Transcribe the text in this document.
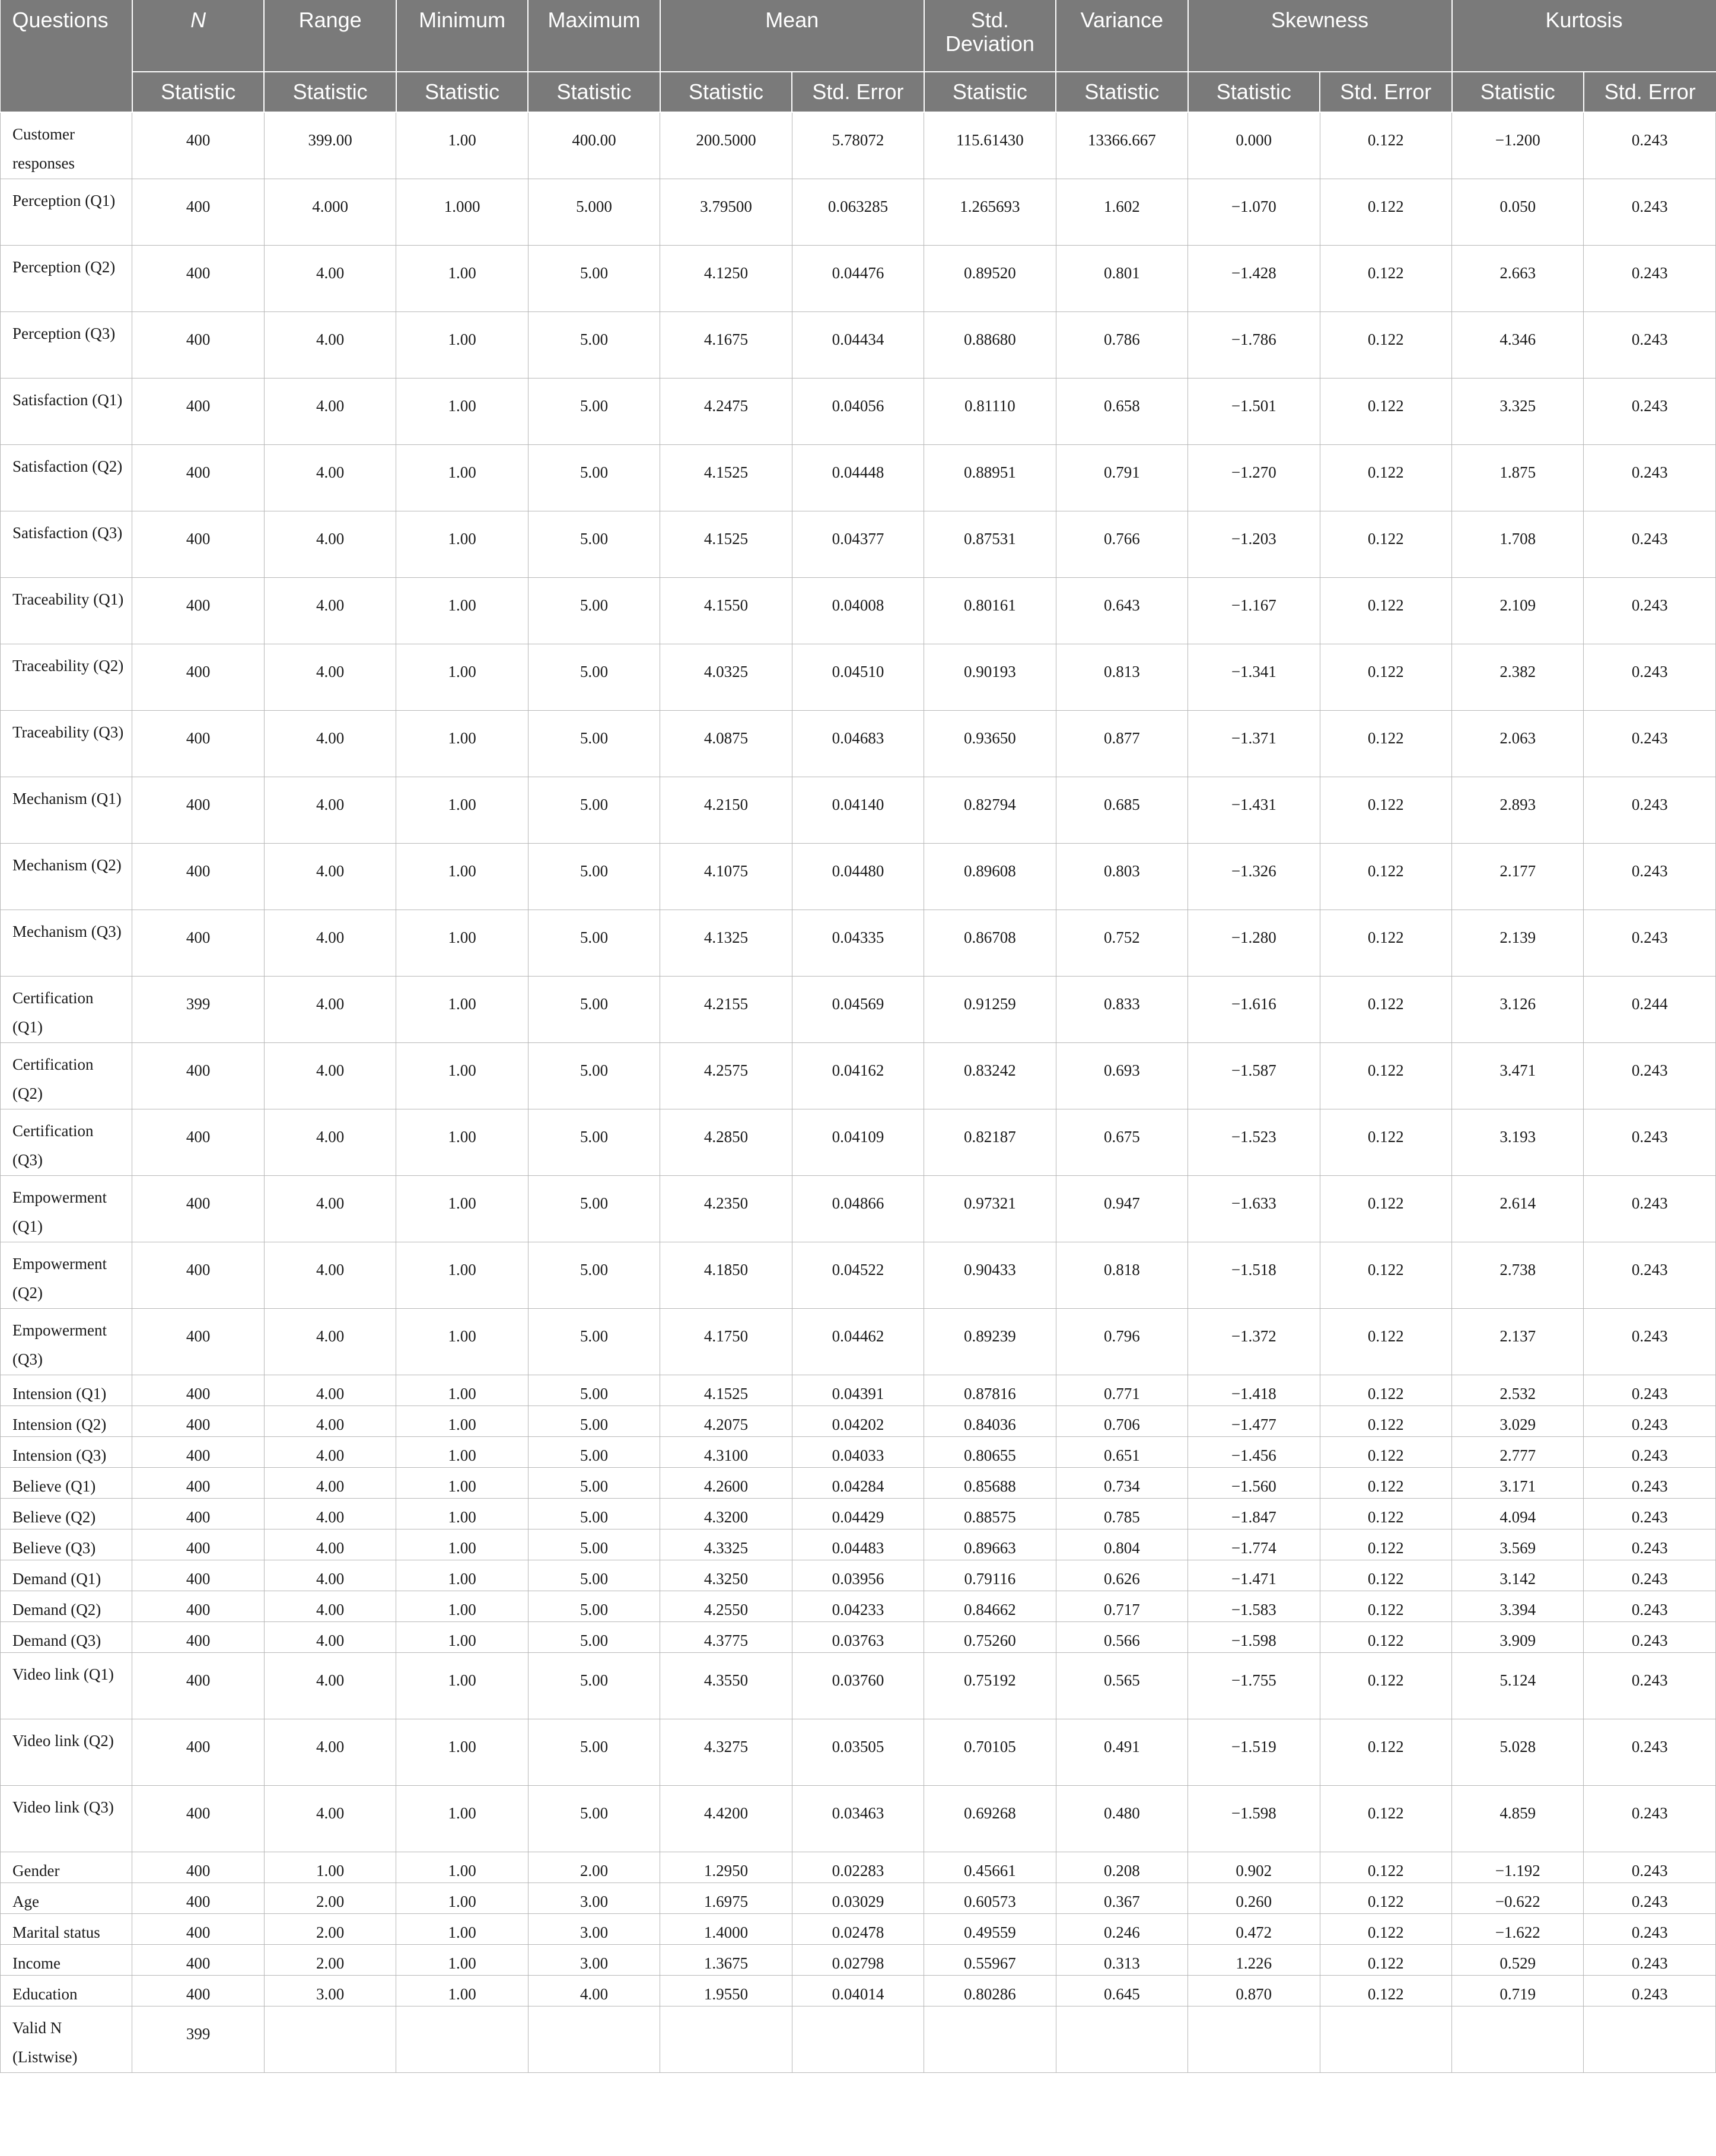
Questions	N	Range	Minimum	Maximum	Mean		Std. Deviation	Variance	Skewness		Kurtosis	
	Statistic	Statistic	Statistic	Statistic	Statistic	Std. Error	Statistic	Statistic	Statistic	Std. Error	Statistic	Std. Error
Customer responses	400	399.00	1.00	400.00	200.5000	5.78072	115.61430	13366.667	0.000	0.122	−1.200	0.243
Perception (Q1)	400	4.000	1.000	5.000	3.79500	0.063285	1.265693	1.602	−1.070	0.122	0.050	0.243
Perception (Q2)	400	4.00	1.00	5.00	4.1250	0.04476	0.89520	0.801	−1.428	0.122	2.663	0.243
Perception (Q3)	400	4.00	1.00	5.00	4.1675	0.04434	0.88680	0.786	−1.786	0.122	4.346	0.243
Satisfaction (Q1)	400	4.00	1.00	5.00	4.2475	0.04056	0.81110	0.658	−1.501	0.122	3.325	0.243
Satisfaction (Q2)	400	4.00	1.00	5.00	4.1525	0.04448	0.88951	0.791	−1.270	0.122	1.875	0.243
Satisfaction (Q3)	400	4.00	1.00	5.00	4.1525	0.04377	0.87531	0.766	−1.203	0.122	1.708	0.243
Traceability (Q1)	400	4.00	1.00	5.00	4.1550	0.04008	0.80161	0.643	−1.167	0.122	2.109	0.243
Traceability (Q2)	400	4.00	1.00	5.00	4.0325	0.04510	0.90193	0.813	−1.341	0.122	2.382	0.243
Traceability (Q3)	400	4.00	1.00	5.00	4.0875	0.04683	0.93650	0.877	−1.371	0.122	2.063	0.243
Mechanism (Q1)	400	4.00	1.00	5.00	4.2150	0.04140	0.82794	0.685	−1.431	0.122	2.893	0.243
Mechanism (Q2)	400	4.00	1.00	5.00	4.1075	0.04480	0.89608	0.803	−1.326	0.122	2.177	0.243
Mechanism (Q3)	400	4.00	1.00	5.00	4.1325	0.04335	0.86708	0.752	−1.280	0.122	2.139	0.243
Certification (Q1)	399	4.00	1.00	5.00	4.2155	0.04569	0.91259	0.833	−1.616	0.122	3.126	0.244
Certification (Q2)	400	4.00	1.00	5.00	4.2575	0.04162	0.83242	0.693	−1.587	0.122	3.471	0.243
Certification (Q3)	400	4.00	1.00	5.00	4.2850	0.04109	0.82187	0.675	−1.523	0.122	3.193	0.243
Empowerment (Q1)	400	4.00	1.00	5.00	4.2350	0.04866	0.97321	0.947	−1.633	0.122	2.614	0.243
Empowerment (Q2)	400	4.00	1.00	5.00	4.1850	0.04522	0.90433	0.818	−1.518	0.122	2.738	0.243
Empowerment (Q3)	400	4.00	1.00	5.00	4.1750	0.04462	0.89239	0.796	−1.372	0.122	2.137	0.243
Intension (Q1)	400	4.00	1.00	5.00	4.1525	0.04391	0.87816	0.771	−1.418	0.122	2.532	0.243
Intension (Q2)	400	4.00	1.00	5.00	4.2075	0.04202	0.84036	0.706	−1.477	0.122	3.029	0.243
Intension (Q3)	400	4.00	1.00	5.00	4.3100	0.04033	0.80655	0.651	−1.456	0.122	2.777	0.243
Believe (Q1)	400	4.00	1.00	5.00	4.2600	0.04284	0.85688	0.734	−1.560	0.122	3.171	0.243
Believe (Q2)	400	4.00	1.00	5.00	4.3200	0.04429	0.88575	0.785	−1.847	0.122	4.094	0.243
Believe (Q3)	400	4.00	1.00	5.00	4.3325	0.04483	0.89663	0.804	−1.774	0.122	3.569	0.243
Demand (Q1)	400	4.00	1.00	5.00	4.3250	0.03956	0.79116	0.626	−1.471	0.122	3.142	0.243
Demand (Q2)	400	4.00	1.00	5.00	4.2550	0.04233	0.84662	0.717	−1.583	0.122	3.394	0.243
Demand (Q3)	400	4.00	1.00	5.00	4.3775	0.03763	0.75260	0.566	−1.598	0.122	3.909	0.243
Video link (Q1)	400	4.00	1.00	5.00	4.3550	0.03760	0.75192	0.565	−1.755	0.122	5.124	0.243
Video link (Q2)	400	4.00	1.00	5.00	4.3275	0.03505	0.70105	0.491	−1.519	0.122	5.028	0.243
Video link (Q3)	400	4.00	1.00	5.00	4.4200	0.03463	0.69268	0.480	−1.598	0.122	4.859	0.243
Gender	400	1.00	1.00	2.00	1.2950	0.02283	0.45661	0.208	0.902	0.122	−1.192	0.243
Age	400	2.00	1.00	3.00	1.6975	0.03029	0.60573	0.367	0.260	0.122	−0.622	0.243
Marital status	400	2.00	1.00	3.00	1.4000	0.02478	0.49559	0.246	0.472	0.122	−1.622	0.243
Income	400	2.00	1.00	3.00	1.3675	0.02798	0.55967	0.313	1.226	0.122	0.529	0.243
Education	400	3.00	1.00	4.00	1.9550	0.04014	0.80286	0.645	0.870	0.122	0.719	0.243
Valid N (Listwise)	399											
